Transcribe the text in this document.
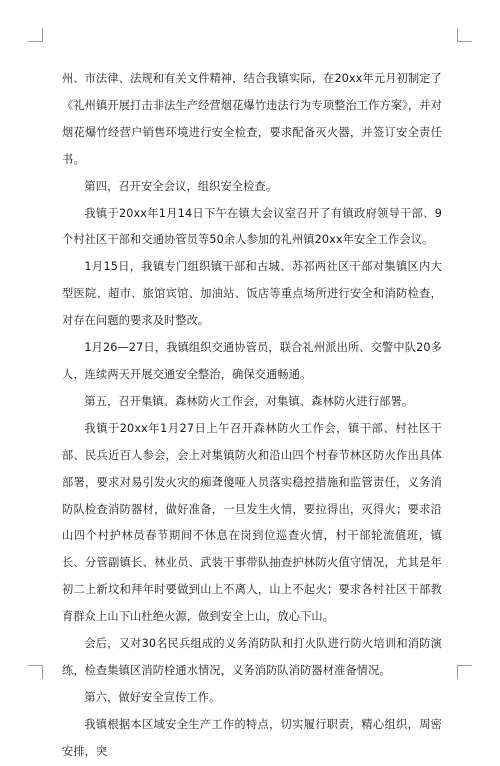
州、市法律、法规和有关文件精神，结合我镇实际，在20xx年元月初制定了《礼州镇开展打击非法生产经营烟花爆竹违法行为专项整治工作方案》，并对烟花爆竹经营户销售环境进行安全检查，要求配备灭火器，并签订安全责任书。

第四，召开安全会议，组织安全检查。

我镇于20xx年1月14日下午在镇大会议室召开了有镇政府领导干部、9个村社区干部和交通协管员等50余人参加的礼州镇20xx年安全工作会议。

1月15日，我镇专门组织镇干部和古城、苏祁两社区干部对集镇区内大型医院、超市、旅馆宾馆、加油站、饭店等重点场所进行安全和消防检查，对存在问题的要求及时整改。

1月26—27日，我镇组织交通协管员，联合礼州派出所、交警中队20多人，连续两天开展交通安全整治，确保交通畅通。

第五，召开集镇、森林防火工作会，对集镇、森林防火进行部署。

我镇于20xx年1月27日上午召开森林防火工作会，镇干部、村社区干部、民兵近百人参会，会上对集镇防火和沿山四个村春节林区防火作出具体部署，要求对易引发火灾的痴聋傻哑人员落实稳控措施和监管责任，义务消防队检查消防器材，做好准备，一旦发生火情，要拉得出，灭得火；要求沿山四个村护林员春节期间不休息在岗到位巡查火情，村干部轮流值班，镇长、分管副镇长、林业员、武装干事带队抽查护林防火值守情况，尤其是年初二上新坟和拜年时要做到山上不离人，山上不起火；要求各村社区干部教育群众上山下山杜绝火源，做到安全上山，放心下山。

会后，又对30名民兵组成的义务消防队和打火队进行防火培训和消防演练，检查集镇区消防栓通水情况，义务消防队消防器材准备情况。

第六，做好安全宣传工作。

我镇根据本区域安全生产工作的特点，切实履行职责，精心组织，周密安排，突
